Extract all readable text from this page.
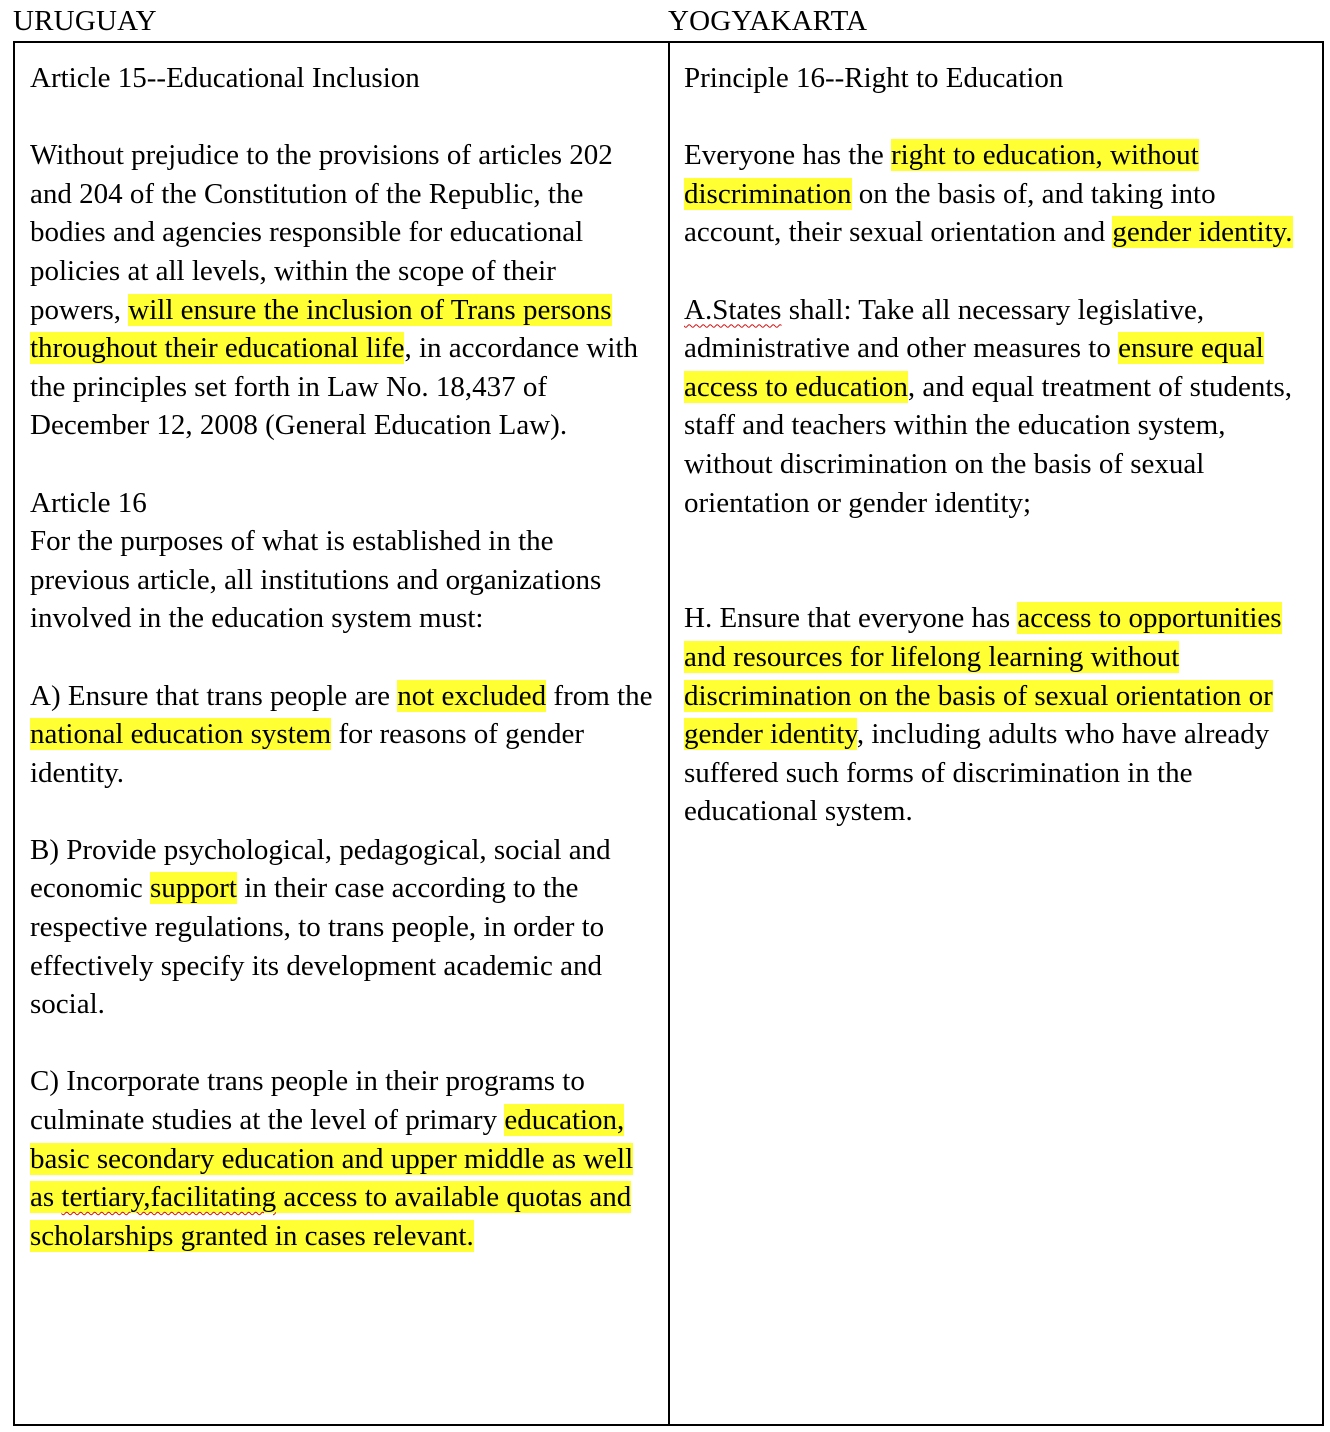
URUGUAY	YOGYAKARTA

Article 15--Educational Inclusion

Without prejudice to the provisions of articles 202 and 204 of the Constitution of the Republic, the bodies and agencies responsible for educational policies at all levels, within the scope of their powers, will ensure the inclusion of Trans persons throughout their educational life, in accordance with the principles set forth in Law No. 18,437 of December 12, 2008 (General Education Law).

Article 16

For the purposes of what is established in the previous article, all institutions and organizations involved in the education system must:

A) Ensure that trans people are not excluded from the national education system for reasons of gender identity.

B) Provide psychological, pedagogical, social and economic support in their case according to the respective regulations, to trans people, in order to effectively specify its development academic and social.

C) Incorporate trans people in their programs to culminate studies at the level of primary education, basic secondary education and upper middle as well as tertiary,facilitating access to available quotas and scholarships granted in cases relevant.

Principle 16--Right to Education

Everyone has the right to education, without discrimination on the basis of, and taking into account, their sexual orientation and gender identity.

A.States shall: Take all necessary legislative, administrative and other measures to ensure equal access to education, and equal treatment of students, staff and teachers within the education system, without discrimination on the basis of sexual orientation or gender identity;

H. Ensure that everyone has access to opportunities and resources for lifelong learning without discrimination on the basis of sexual orientation or gender identity, including adults who have already suffered such forms of discrimination in the educational system.
